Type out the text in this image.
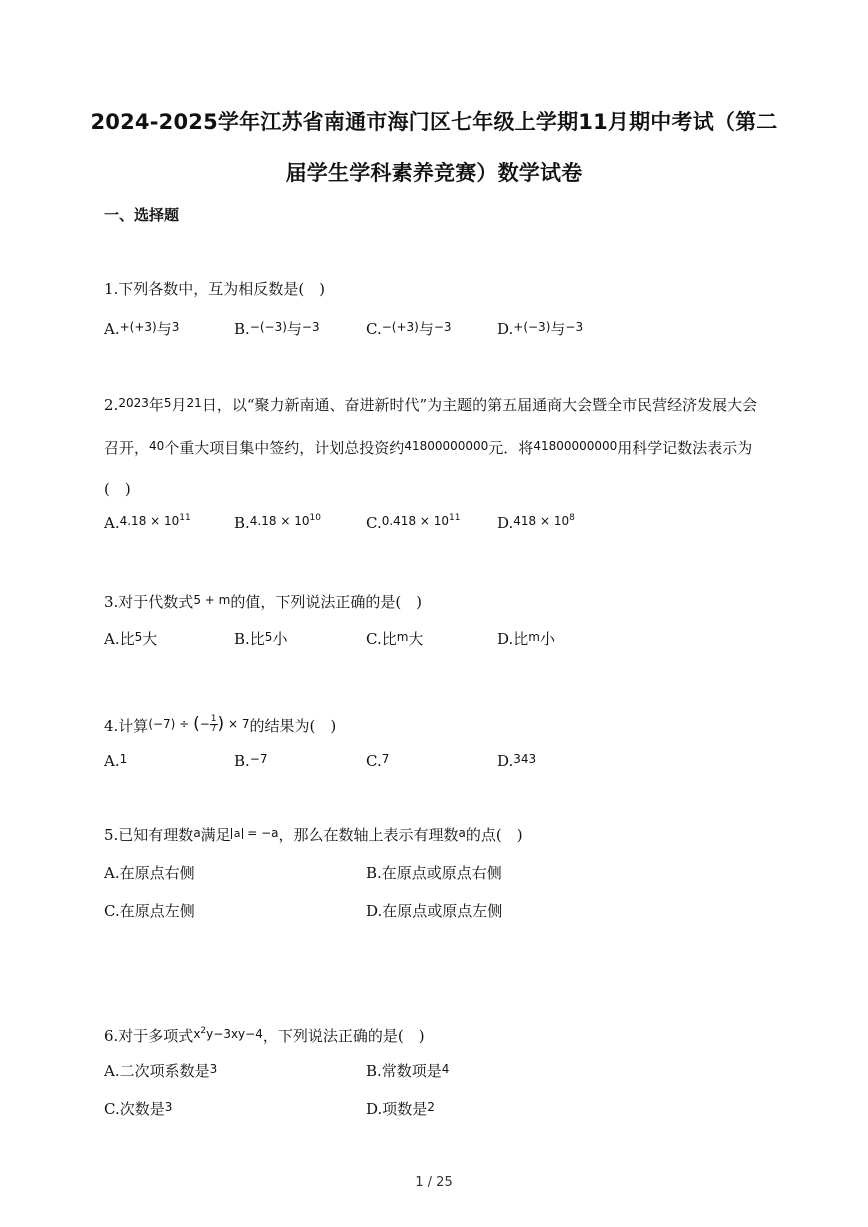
2024-2025学年江苏省南通市海门区七年级上学期11月期中考试（第二
届学生学科素养竞赛）数学试卷
一、选择题
1.下列各数中，互为相反数是(　)
A.$^{+(+3)}$与$^3$	B.$^{-(-3)}$与$^{-3}$	C.$^{-(+3)}$与$^{-3}$	D.$^{+(-3)}$与$^{-3}$
2.$^{2023}$年$^5$月$^{21}$日，以“聚力新南通、奋进新时代”为主题的第五届通商大会暨全市民营经济发展大会召开，$^{40}$个重大项目集中签约，计划总投资约$^{41800000000}$元．将$^{41800000000}$用科学记数法表示为(　)
A.$^{4.18 \times 10^{11}}$	B.$^{4.18 \times 10^{10}}$	C.$^{0.418 \times 10^{11}}$ D.$^{418 \times 10^8}$
3.对于代数式$^{5 + m}$的值，下列说法正确的是(　)
A.比$^5$大	B.比$^5$小	C.比$^m$大	D.比$^m$小
4.计算$^{(-7) \div (- \frac{1}{7} ) \times 7}$的结果为(　)
A.$^1$	B.$^{-7}$	C.$^7$	D.$^{343}$
5.已知有理数$^a$满足 $^{a = -a}$，那么在数轴上表示有理数$^a$的点(　)
A.在原点右侧	B.在原点或原点右侧
C.在原点左侧	D.在原点或原点左侧
6.对于多项式$^{x^2y-3xy-4}$，下列说法正确的是(　)
A.二次项系数是$^3$	B.常数项是$^4$
C.次数是$^3$	D.项数是$^2$
1 / 25
